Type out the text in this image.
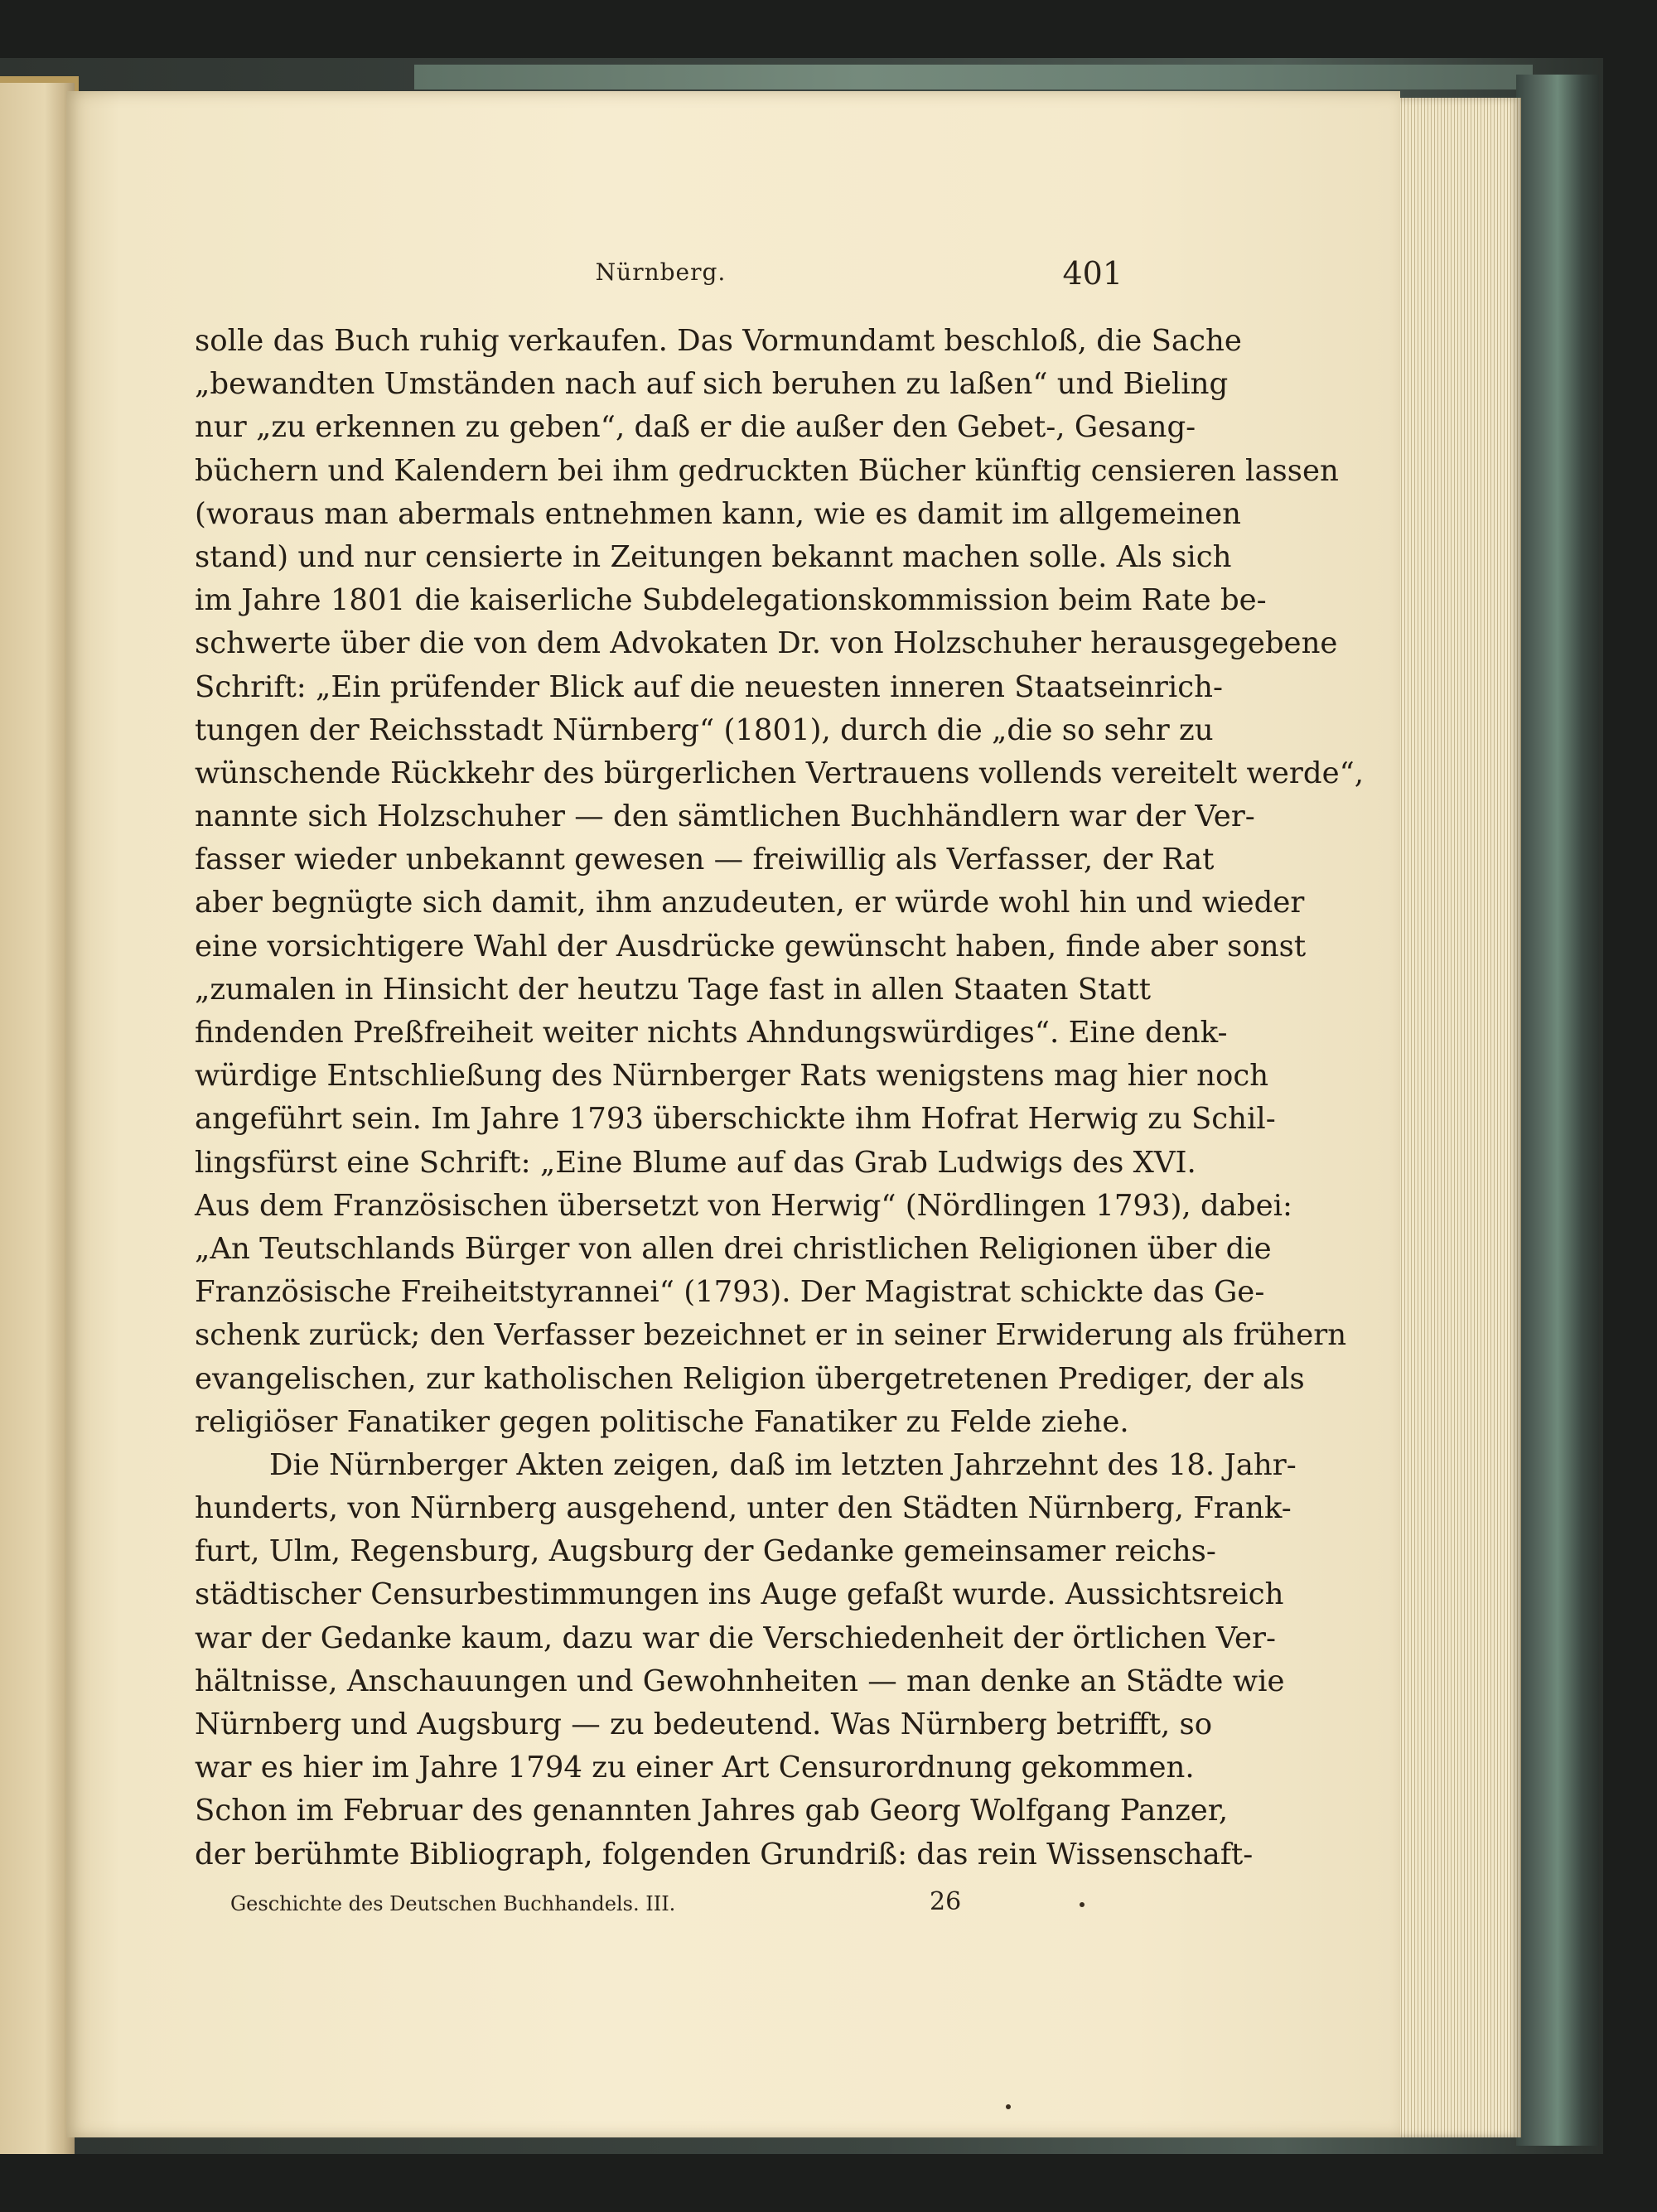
Nürnberg.	401
solle das Buch ruhig verkaufen. Das Vormundamt beschloß, die Sache
„bewandten Umständen nach auf sich beruhen zu laßen“ und Bieling
nur „zu erkennen zu geben“, daß er die außer den Gebet-, Gesang-
büchern und Kalendern bei ihm gedruckten Bücher künftig censieren lassen
(woraus man abermals entnehmen kann, wie es damit im allgemeinen
stand) und nur censierte in Zeitungen bekannt machen solle. Als sich
im Jahre 1801 die kaiserliche Subdelegationskommission beim Rate be-
schwerte über die von dem Advokaten Dr. von Holzschuher herausgegebene
Schrift: „Ein prüfender Blick auf die neuesten inneren Staatseinrich-
tungen der Reichsstadt Nürnberg“ (1801), durch die „die so sehr zu
wünschende Rückkehr des bürgerlichen Vertrauens vollends vereitelt werde“,
nannte sich Holzschuher — den sämtlichen Buchhändlern war der Ver-
fasser wieder unbekannt gewesen — freiwillig als Verfasser, der Rat
aber begnügte sich damit, ihm anzudeuten, er würde wohl hin und wieder
eine vorsichtigere Wahl der Ausdrücke gewünscht haben, finde aber sonst
„zumalen in Hinsicht der heutzu Tage fast in allen Staaten Statt
findenden Preßfreiheit weiter nichts Ahndungswürdiges“. Eine denk-
würdige Entschließung des Nürnberger Rats wenigstens mag hier noch
angeführt sein. Im Jahre 1793 überschickte ihm Hofrat Herwig zu Schil-
lingsfürst eine Schrift: „Eine Blume auf das Grab Ludwigs des XVI.
Aus dem Französischen übersetzt von Herwig“ (Nördlingen 1793), dabei:
„An Teutschlands Bürger von allen drei christlichen Religionen über die
Französische Freiheitstyrannei“ (1793). Der Magistrat schickte das Ge-
schenk zurück; den Verfasser bezeichnet er in seiner Erwiderung als frühern
evangelischen, zur katholischen Religion übergetretenen Prediger, der als
religiöser Fanatiker gegen politische Fanatiker zu Felde ziehe.
Die Nürnberger Akten zeigen, daß im letzten Jahrzehnt des 18. Jahr-
hunderts, von Nürnberg ausgehend, unter den Städten Nürnberg, Frank-
furt, Ulm, Regensburg, Augsburg der Gedanke gemeinsamer reichs-
städtischer Censurbestimmungen ins Auge gefaßt wurde. Aussichtsreich
war der Gedanke kaum, dazu war die Verschiedenheit der örtlichen Ver-
hältnisse, Anschauungen und Gewohnheiten — man denke an Städte wie
Nürnberg und Augsburg — zu bedeutend. Was Nürnberg betrifft, so
war es hier im Jahre 1794 zu einer Art Censurordnung gekommen.
Schon im Februar des genannten Jahres gab Georg Wolfgang Panzer,
der berühmte Bibliograph, folgenden Grundriß: das rein Wissenschaft-
Geschichte des Deutschen Buchhandels. III.	26
